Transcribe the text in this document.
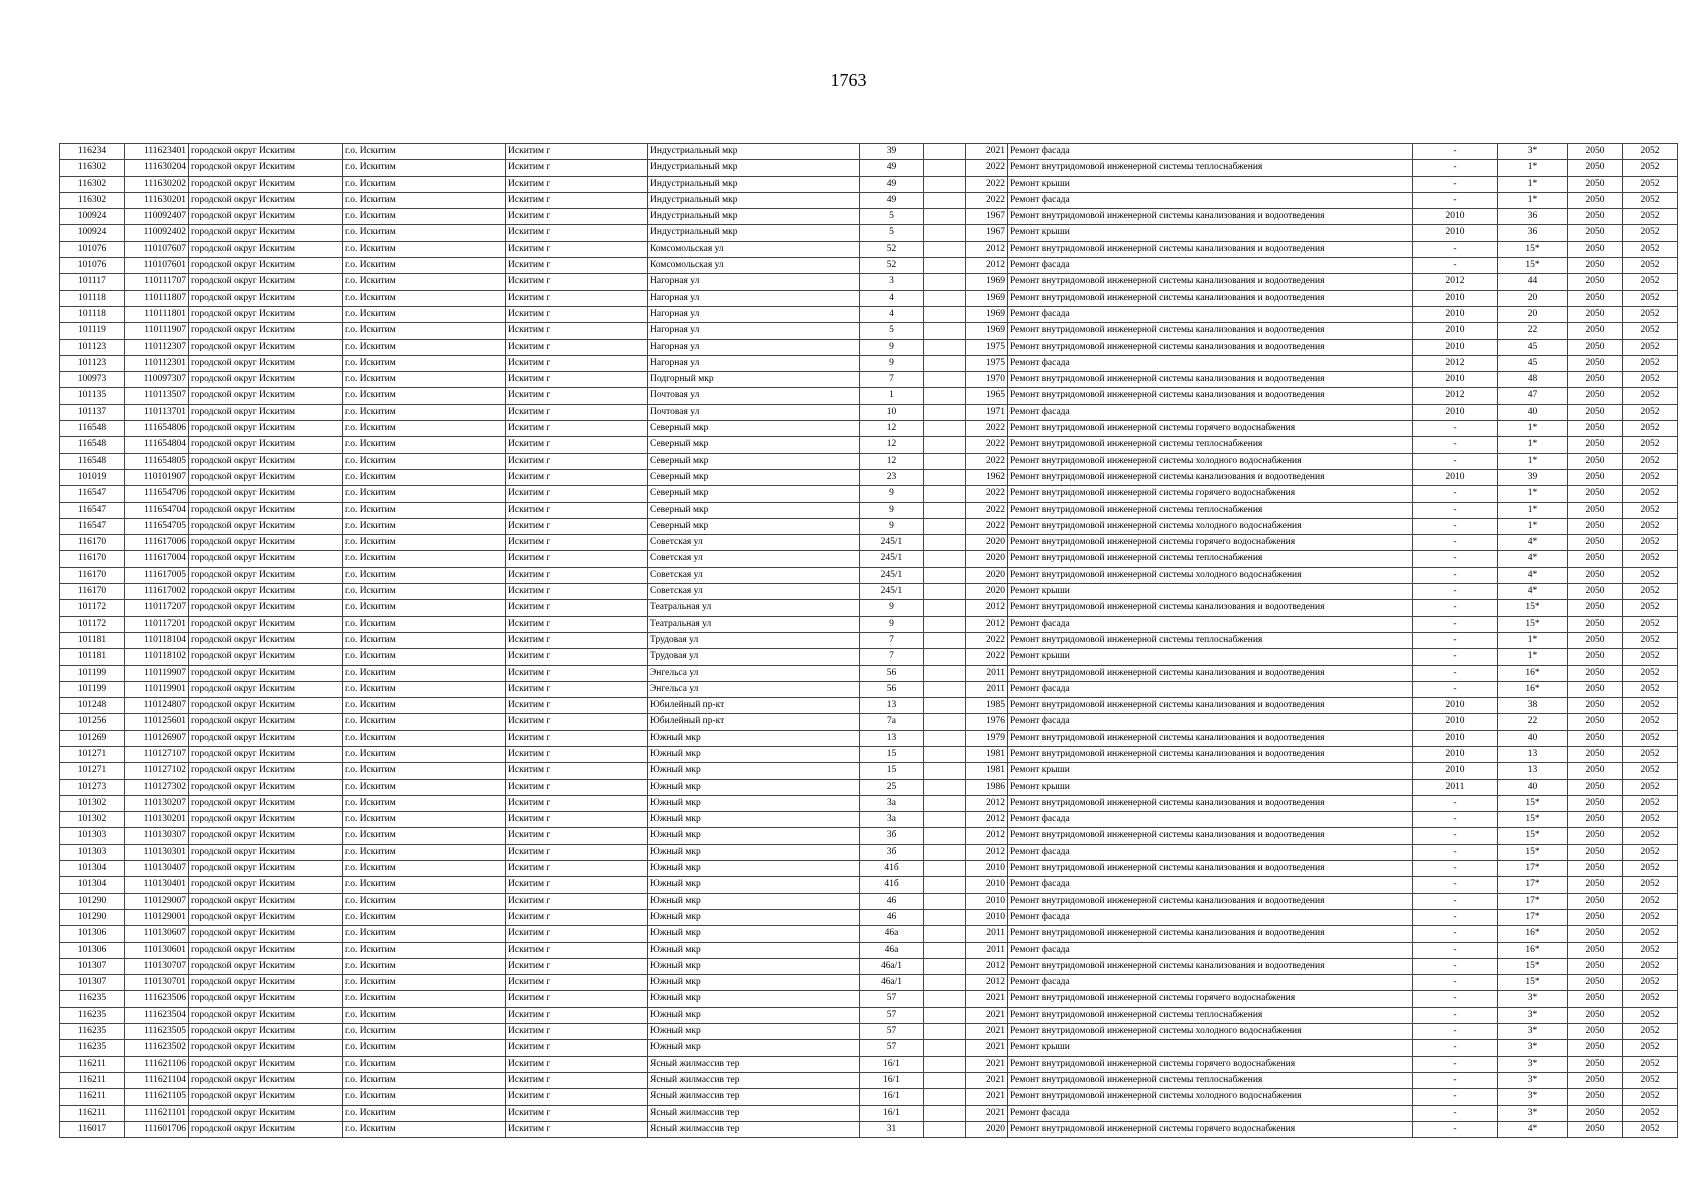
1763
116234	111623401	городской округ Искитим	г.о. Искитим	Искитим г	Индустриальный мкр	39		2021	Ремонт фасада	-	3*	2050	2052
116302	111630204	городской округ Искитим	г.о. Искитим	Искитим г	Индустриальный мкр	49		2022	Ремонт внутридомовой инженерной системы теплоснабжения	-	1*	2050	2052
116302	111630202	городской округ Искитим	г.о. Искитим	Искитим г	Индустриальный мкр	49		2022	Ремонт крыши	-	1*	2050	2052
116302	111630201	городской округ Искитим	г.о. Искитим	Искитим г	Индустриальный мкр	49		2022	Ремонт фасада	-	1*	2050	2052
100924	110092407	городской округ Искитим	г.о. Искитим	Искитим г	Индустриальный мкр	5		1967	Ремонт внутридомовой инженерной системы канализования и водоотведения	2010	36	2050	2052
100924	110092402	городской округ Искитим	г.о. Искитим	Искитим г	Индустриальный мкр	5		1967	Ремонт крыши	2010	36	2050	2052
101076	110107607	городской округ Искитим	г.о. Искитим	Искитим г	Комсомольская ул	52		2012	Ремонт внутридомовой инженерной системы канализования и водоотведения	-	15*	2050	2052
101076	110107601	городской округ Искитим	г.о. Искитим	Искитим г	Комсомольская ул	52		2012	Ремонт фасада	-	15*	2050	2052
101117	110111707	городской округ Искитим	г.о. Искитим	Искитим г	Нагорная ул	3		1969	Ремонт внутридомовой инженерной системы канализования и водоотведения	2012	44	2050	2052
101118	110111807	городской округ Искитим	г.о. Искитим	Искитим г	Нагорная ул	4		1969	Ремонт внутридомовой инженерной системы канализования и водоотведения	2010	20	2050	2052
101118	110111801	городской округ Искитим	г.о. Искитим	Искитим г	Нагорная ул	4		1969	Ремонт фасада	2010	20	2050	2052
101119	110111907	городской округ Искитим	г.о. Искитим	Искитим г	Нагорная ул	5		1969	Ремонт внутридомовой инженерной системы канализования и водоотведения	2010	22	2050	2052
101123	110112307	городской округ Искитим	г.о. Искитим	Искитим г	Нагорная ул	9		1975	Ремонт внутридомовой инженерной системы канализования и водоотведения	2010	45	2050	2052
101123	110112301	городской округ Искитим	г.о. Искитим	Искитим г	Нагорная ул	9		1975	Ремонт фасада	2012	45	2050	2052
100973	110097307	городской округ Искитим	г.о. Искитим	Искитим г	Подгорный мкр	7		1970	Ремонт внутридомовой инженерной системы канализования и водоотведения	2010	48	2050	2052
101135	110113507	городской округ Искитим	г.о. Искитим	Искитим г	Почтовая ул	1		1965	Ремонт внутридомовой инженерной системы канализования и водоотведения	2012	47	2050	2052
101137	110113701	городской округ Искитим	г.о. Искитим	Искитим г	Почтовая ул	10		1971	Ремонт фасада	2010	40	2050	2052
116548	111654806	городской округ Искитим	г.о. Искитим	Искитим г	Северный мкр	12		2022	Ремонт внутридомовой инженерной системы горячего водоснабжения	-	1*	2050	2052
116548	111654804	городской округ Искитим	г.о. Искитим	Искитим г	Северный мкр	12		2022	Ремонт внутридомовой инженерной системы теплоснабжения	-	1*	2050	2052
116548	111654805	городской округ Искитим	г.о. Искитим	Искитим г	Северный мкр	12		2022	Ремонт внутридомовой инженерной системы холодного водоснабжения	-	1*	2050	2052
101019	110101907	городской округ Искитим	г.о. Искитим	Искитим г	Северный мкр	23		1962	Ремонт внутридомовой инженерной системы канализования и водоотведения	2010	39	2050	2052
116547	111654706	городской округ Искитим	г.о. Искитим	Искитим г	Северный мкр	9		2022	Ремонт внутридомовой инженерной системы горячего водоснабжения	-	1*	2050	2052
116547	111654704	городской округ Искитим	г.о. Искитим	Искитим г	Северный мкр	9		2022	Ремонт внутридомовой инженерной системы теплоснабжения	-	1*	2050	2052
116547	111654705	городской округ Искитим	г.о. Искитим	Искитим г	Северный мкр	9		2022	Ремонт внутридомовой инженерной системы холодного водоснабжения	-	1*	2050	2052
116170	111617006	городской округ Искитим	г.о. Искитим	Искитим г	Советская ул	245/1		2020	Ремонт внутридомовой инженерной системы горячего водоснабжения	-	4*	2050	2052
116170	111617004	городской округ Искитим	г.о. Искитим	Искитим г	Советская ул	245/1		2020	Ремонт внутридомовой инженерной системы теплоснабжения	-	4*	2050	2052
116170	111617005	городской округ Искитим	г.о. Искитим	Искитим г	Советская ул	245/1		2020	Ремонт внутридомовой инженерной системы холодного водоснабжения	-	4*	2050	2052
116170	111617002	городской округ Искитим	г.о. Искитим	Искитим г	Советская ул	245/1		2020	Ремонт крыши	-	4*	2050	2052
101172	110117207	городской округ Искитим	г.о. Искитим	Искитим г	Театральная ул	9		2012	Ремонт внутридомовой инженерной системы канализования и водоотведения	-	15*	2050	2052
101172	110117201	городской округ Искитим	г.о. Искитим	Искитим г	Театральная ул	9		2012	Ремонт фасада	-	15*	2050	2052
101181	110118104	городской округ Искитим	г.о. Искитим	Искитим г	Трудовая ул	7		2022	Ремонт внутридомовой инженерной системы теплоснабжения	-	1*	2050	2052
101181	110118102	городской округ Искитим	г.о. Искитим	Искитим г	Трудовая ул	7		2022	Ремонт крыши	-	1*	2050	2052
101199	110119907	городской округ Искитим	г.о. Искитим	Искитим г	Энгельса ул	56		2011	Ремонт внутридомовой инженерной системы канализования и водоотведения	-	16*	2050	2052
101199	110119901	городской округ Искитим	г.о. Искитим	Искитим г	Энгельса ул	56		2011	Ремонт фасада	-	16*	2050	2052
101248	110124807	городской округ Искитим	г.о. Искитим	Искитим г	Юбилейный пр-кт	13		1985	Ремонт внутридомовой инженерной системы канализования и водоотведения	2010	38	2050	2052
101256	110125601	городской округ Искитим	г.о. Искитим	Искитим г	Юбилейный пр-кт	7а		1976	Ремонт фасада	2010	22	2050	2052
101269	110126907	городской округ Искитим	г.о. Искитим	Искитим г	Южный мкр	13		1979	Ремонт внутридомовой инженерной системы канализования и водоотведения	2010	40	2050	2052
101271	110127107	городской округ Искитим	г.о. Искитим	Искитим г	Южный мкр	15		1981	Ремонт внутридомовой инженерной системы канализования и водоотведения	2010	13	2050	2052
101271	110127102	городской округ Искитим	г.о. Искитим	Искитим г	Южный мкр	15		1981	Ремонт крыши	2010	13	2050	2052
101273	110127302	городской округ Искитим	г.о. Искитим	Искитим г	Южный мкр	25		1986	Ремонт крыши	2011	40	2050	2052
101302	110130207	городской округ Искитим	г.о. Искитим	Искитим г	Южный мкр	3а		2012	Ремонт внутридомовой инженерной системы канализования и водоотведения	-	15*	2050	2052
101302	110130201	городской округ Искитим	г.о. Искитим	Искитим г	Южный мкр	3а		2012	Ремонт фасада	-	15*	2050	2052
101303	110130307	городской округ Искитим	г.о. Искитим	Искитим г	Южный мкр	3б		2012	Ремонт внутридомовой инженерной системы канализования и водоотведения	-	15*	2050	2052
101303	110130301	городской округ Искитим	г.о. Искитим	Искитим г	Южный мкр	3б		2012	Ремонт фасада	-	15*	2050	2052
101304	110130407	городской округ Искитим	г.о. Искитим	Искитим г	Южный мкр	41б		2010	Ремонт внутридомовой инженерной системы канализования и водоотведения	-	17*	2050	2052
101304	110130401	городской округ Искитим	г.о. Искитим	Искитим г	Южный мкр	41б		2010	Ремонт фасада	-	17*	2050	2052
101290	110129007	городской округ Искитим	г.о. Искитим	Искитим г	Южный мкр	46		2010	Ремонт внутридомовой инженерной системы канализования и водоотведения	-	17*	2050	2052
101290	110129001	городской округ Искитим	г.о. Искитим	Искитим г	Южный мкр	46		2010	Ремонт фасада	-	17*	2050	2052
101306	110130607	городской округ Искитим	г.о. Искитим	Искитим г	Южный мкр	46а		2011	Ремонт внутридомовой инженерной системы канализования и водоотведения	-	16*	2050	2052
101306	110130601	городской округ Искитим	г.о. Искитим	Искитим г	Южный мкр	46а		2011	Ремонт фасада	-	16*	2050	2052
101307	110130707	городской округ Искитим	г.о. Искитим	Искитим г	Южный мкр	46а/1		2012	Ремонт внутридомовой инженерной системы канализования и водоотведения	-	15*	2050	2052
101307	110130701	городской округ Искитим	г.о. Искитим	Искитим г	Южный мкр	46а/1		2012	Ремонт фасада	-	15*	2050	2052
116235	111623506	городской округ Искитим	г.о. Искитим	Искитим г	Южный мкр	57		2021	Ремонт внутридомовой инженерной системы горячего водоснабжения	-	3*	2050	2052
116235	111623504	городской округ Искитим	г.о. Искитим	Искитим г	Южный мкр	57		2021	Ремонт внутридомовой инженерной системы теплоснабжения	-	3*	2050	2052
116235	111623505	городской округ Искитим	г.о. Искитим	Искитим г	Южный мкр	57		2021	Ремонт внутридомовой инженерной системы холодного водоснабжения	-	3*	2050	2052
116235	111623502	городской округ Искитим	г.о. Искитим	Искитим г	Южный мкр	57		2021	Ремонт крыши	-	3*	2050	2052
116211	111621106	городской округ Искитим	г.о. Искитим	Искитим г	Ясный жилмассив тер	16/1		2021	Ремонт внутридомовой инженерной системы горячего водоснабжения	-	3*	2050	2052
116211	111621104	городской округ Искитим	г.о. Искитим	Искитим г	Ясный жилмассив тер	16/1		2021	Ремонт внутридомовой инженерной системы теплоснабжения	-	3*	2050	2052
116211	111621105	городской округ Искитим	г.о. Искитим	Искитим г	Ясный жилмассив тер	16/1		2021	Ремонт внутридомовой инженерной системы холодного водоснабжения	-	3*	2050	2052
116211	111621101	городской округ Искитим	г.о. Искитим	Искитим г	Ясный жилмассив тер	16/1		2021	Ремонт фасада	-	3*	2050	2052
116017	111601706	городской округ Искитим	г.о. Искитим	Искитим г	Ясный жилмассив тер	31		2020	Ремонт внутридомовой инженерной системы горячего водоснабжения	-	4*	2050	2052
